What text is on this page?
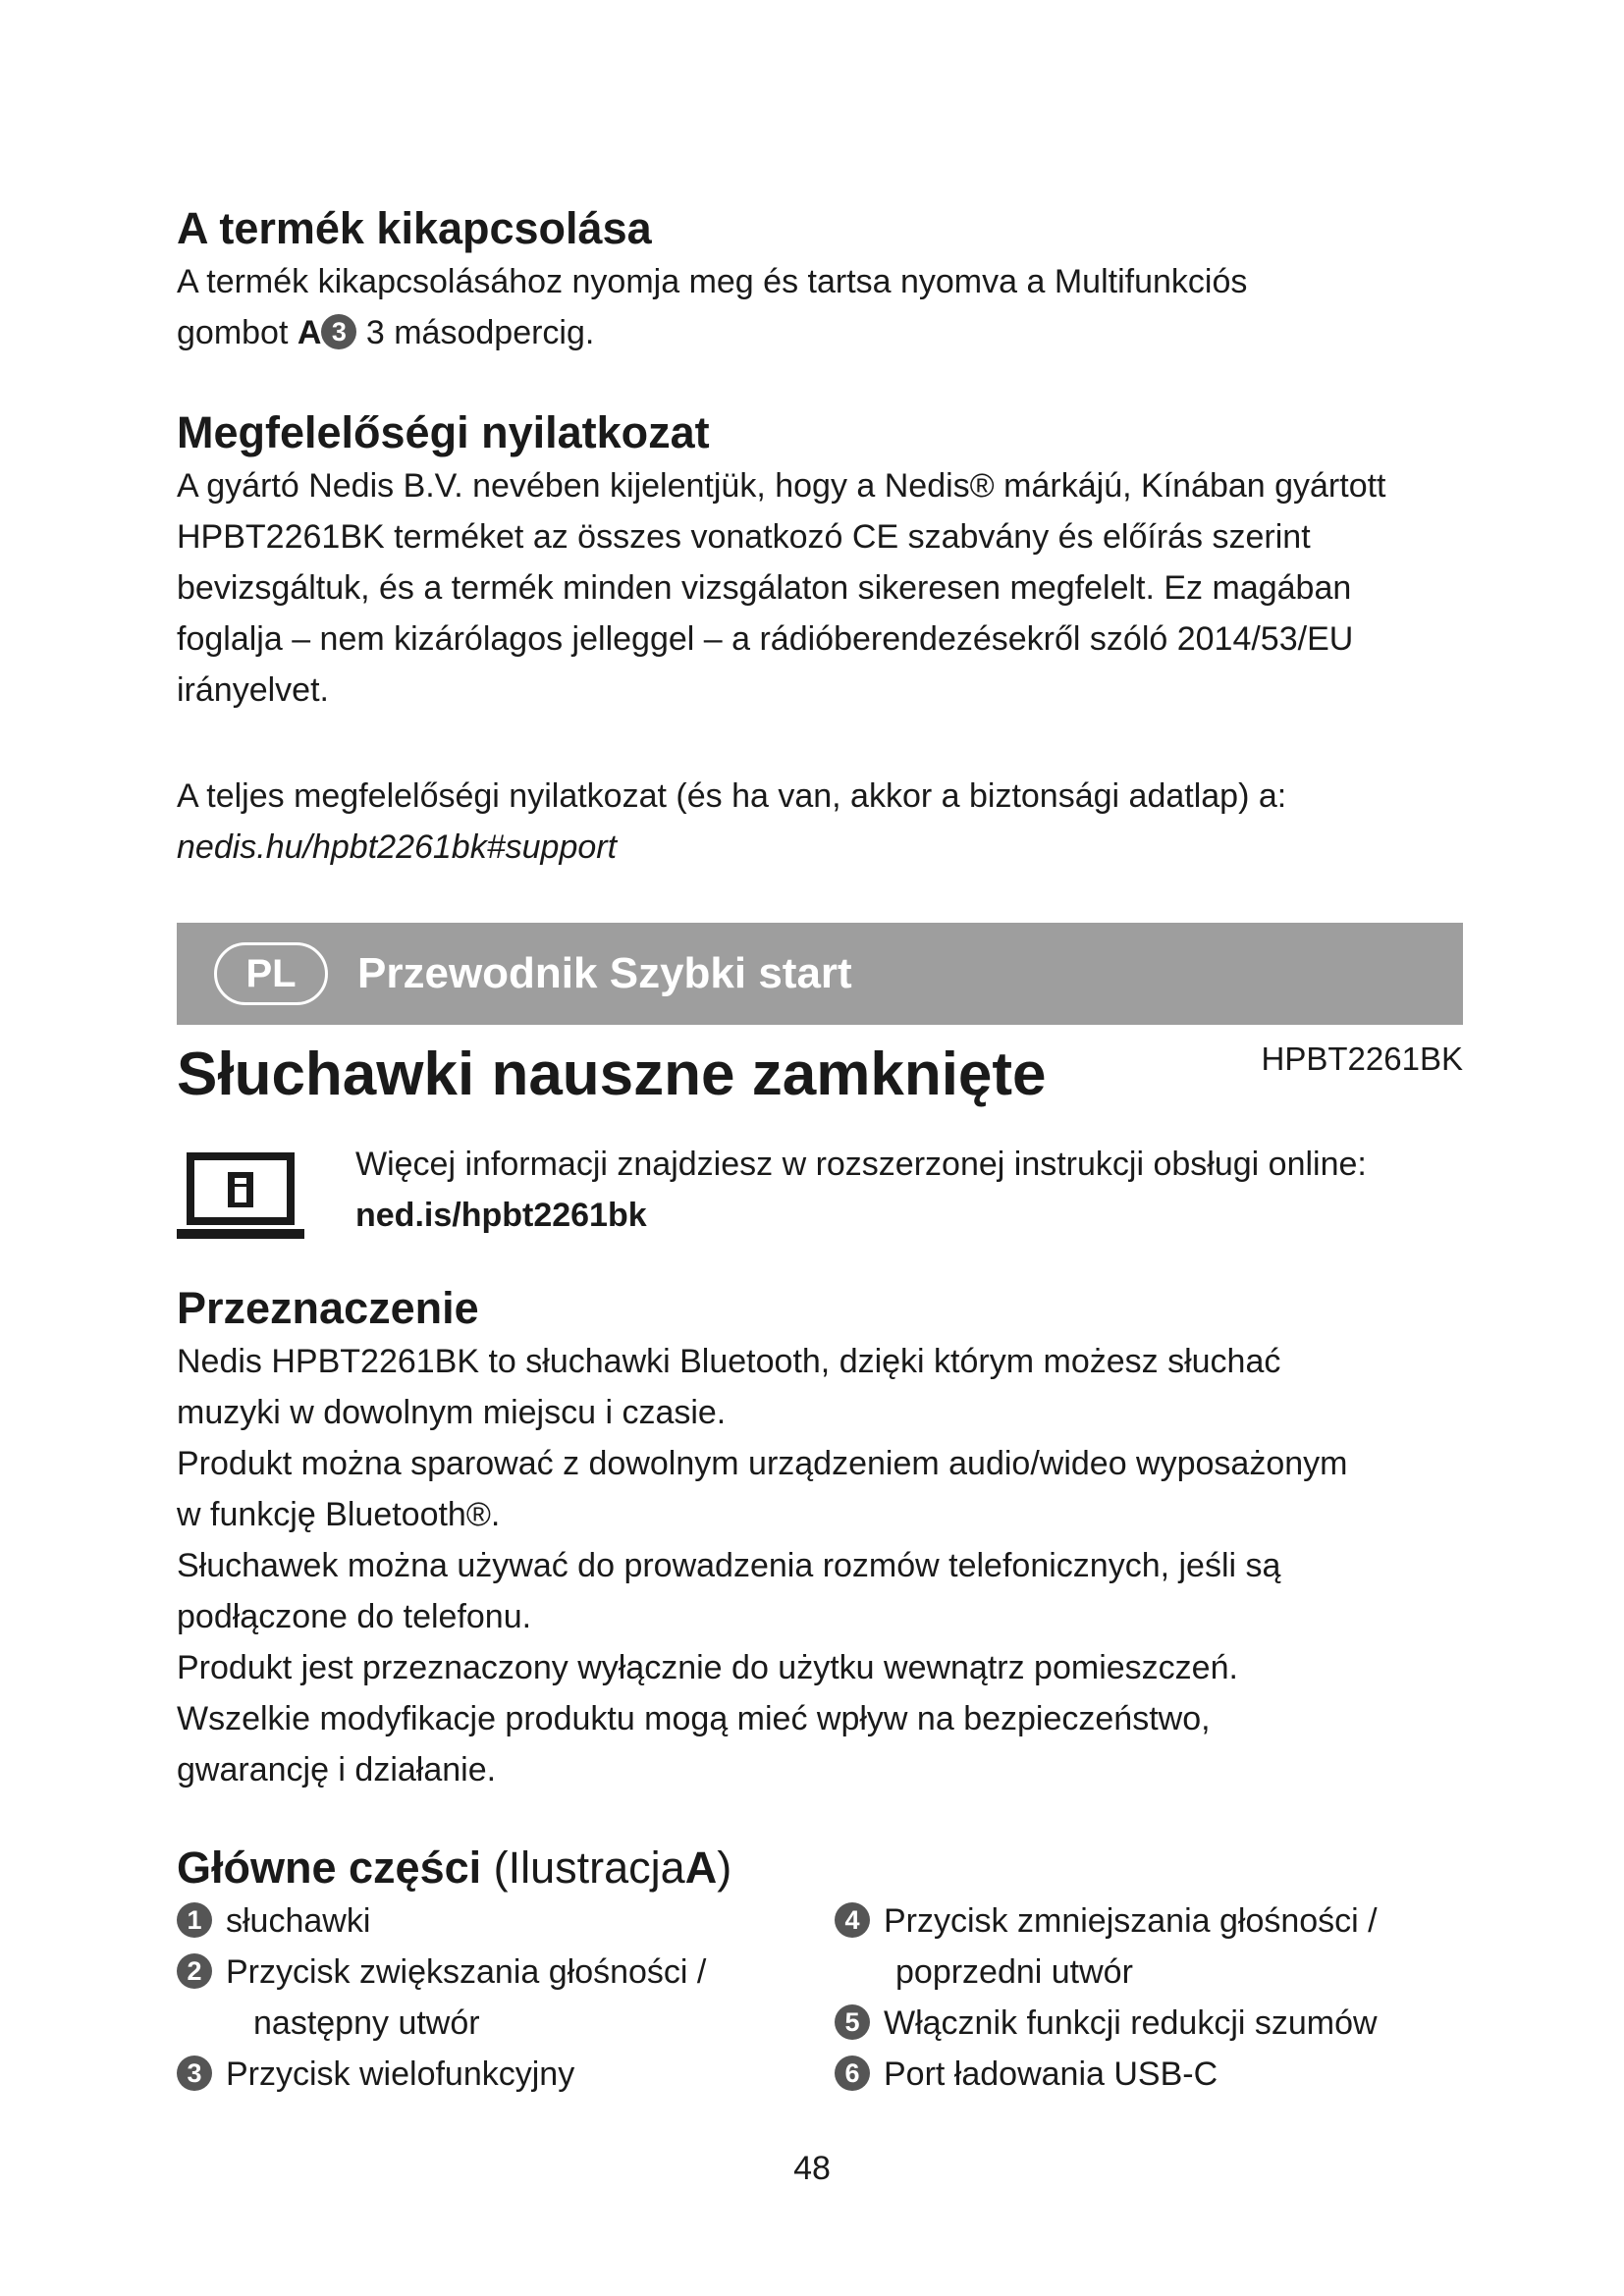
A termék kikapcsolása

A termék kikapcsolásához nyomja meg és tartsa nyomva a Multifunkciós

gombot A 3 3 másodpercig.

Megfelelőségi nyilatkozat

A gyártó Nedis B.V. nevében kijelentjük, hogy a Nedis® márkájú, Kínában gyártott

HPBT2261BK terméket az összes vonatkozó CE szabvány és előírás szerint

bevizsgáltuk, és a termék minden vizsgálaton sikeresen megfelelt. Ez magában

foglalja – nem kizárólagos jelleggel – a rádióberendezésekről szóló 2014/53/EU

irányelvet.

A teljes megfelelőségi nyilatkozat (és ha van, akkor a biztonsági adatlap) a:

nedis.hu/hpbt2261bk#support

PL	Przewodnik Szybki start
Słuchawki nauszne zamknięte	HPBT2261BK

Więcej informacji znajdziesz w rozszerzonej instrukcji obsługi online:

ned.is/hpbt2261bk

Przeznaczenie

Nedis HPBT2261BK to słuchawki Bluetooth, dzięki którym możesz słuchać

muzyki w dowolnym miejscu i czasie.

Produkt można sparować z dowolnym urządzeniem audio/wideo wyposażonym

w funkcję Bluetooth®.

Słuchawek można używać do prowadzenia rozmów telefonicznych, jeśli są

podłączone do telefonu.

Produkt jest przeznaczony wyłącznie do użytku wewnątrz pomieszczeń.

Wszelkie modyfikacje produktu mogą mieć wpływ na bezpieczeństwo,

gwarancję i działanie.

Główne części (IlustracjaA)
1 słuchawki
2 Przycisk zwiększania głośności /
następny utwór
3 Przycisk wielofunkcyjny
4 Przycisk zmniejszania głośności /
poprzedni utwór
5 Włącznik funkcji redukcji szumów
6 Port ładowania USB-C
48
